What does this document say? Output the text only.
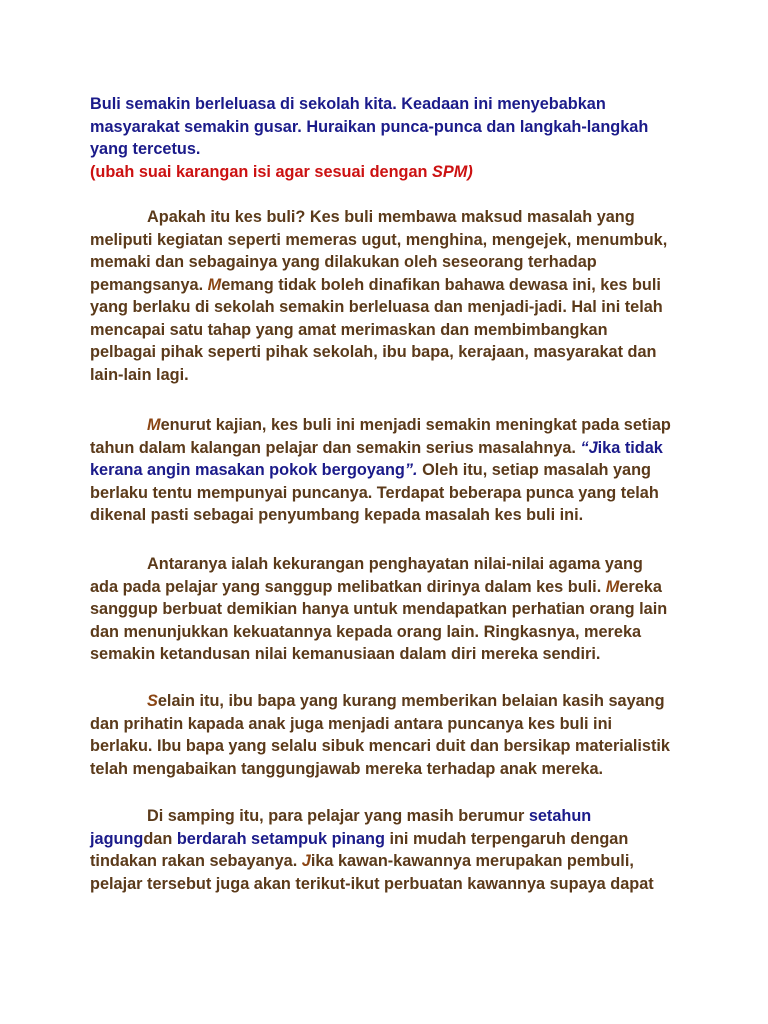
Buli semakin berleluasa di sekolah kita. Keadaan ini menyebabkan

masyarakat semakin gusar. Huraikan punca-punca dan langkah-langkah

yang tercetus.

(ubah suai karangan isi agar sesuai dengan SPM)

Apakah itu kes buli? Kes buli membawa maksud masalah yang
meliputi kegiatan seperti memeras ugut, menghina, mengejek, menumbuk,
memaki dan sebagainya yang dilakukan oleh seseorang terhadap
pemangsanya. Memang tidak boleh dinafikan bahawa dewasa ini, kes buli
yang berlaku di sekolah semakin berleluasa dan menjadi-jadi. Hal ini telah
mencapai satu tahap yang amat merimaskan dan membimbangkan
pelbagai pihak seperti pihak sekolah, ibu bapa, kerajaan, masyarakat dan
lain-lain lagi.
Menurut kajian, kes buli ini menjadi semakin meningkat pada setiap
tahun dalam kalangan pelajar dan semakin serius masalahnya. “Jika tidak
kerana angin masakan pokok bergoyang”. Oleh itu, setiap masalah yang
berlaku tentu mempunyai puncanya. Terdapat beberapa punca yang telah
dikenal pasti sebagai penyumbang kepada masalah kes buli ini.
Antaranya ialah kekurangan penghayatan nilai-nilai agama yang
ada pada pelajar yang sanggup melibatkan dirinya dalam kes buli. Mereka
sanggup berbuat demikian hanya untuk mendapatkan perhatian orang lain
dan menunjukkan kekuatannya kepada orang lain. Ringkasnya, mereka
semakin ketandusan nilai kemanusiaan dalam diri mereka sendiri.
Selain itu, ibu bapa yang kurang memberikan belaian kasih sayang
dan prihatin kapada anak juga menjadi antara puncanya kes buli ini
berlaku. Ibu bapa yang selalu sibuk mencari duit dan bersikap materialistik
telah mengabaikan tanggungjawab mereka terhadap anak mereka.
Di samping itu, para pelajar yang masih berumur setahun
jagungdan berdarah setampuk pinang ini mudah terpengaruh dengan
tindakan rakan sebayanya. Jika kawan-kawannya merupakan pembuli,
pelajar tersebut juga akan terikut-ikut perbuatan kawannya supaya dapat
